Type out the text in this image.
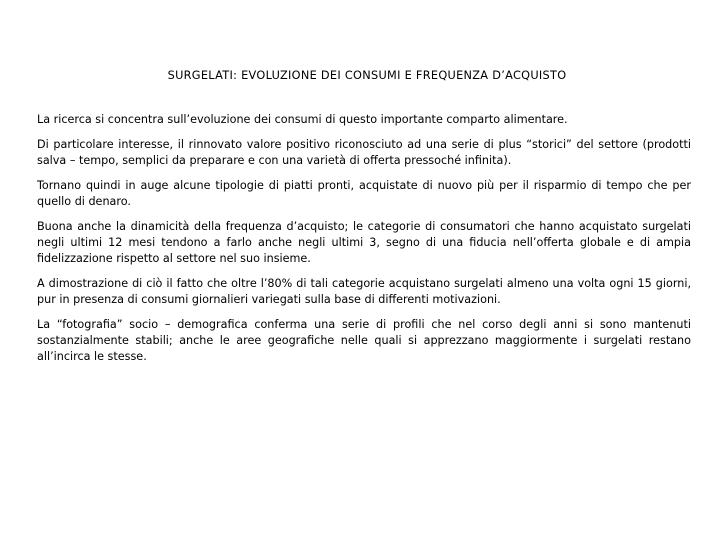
SURGELATI: EVOLUZIONE DEI CONSUMI E FREQUENZA D’ACQUISTO

La ricerca si concentra sull’evoluzione dei consumi di questo importante comparto alimentare.

Di particolare interesse, il rinnovato valore positivo riconosciuto ad una serie di plus “storici” del settore (prodotti salva – tempo, semplici da preparare e con una varietà di offerta pressoché infinita).

Tornano quindi in auge alcune tipologie di piatti pronti, acquistate di nuovo più per il risparmio di tempo che per quello di denaro.

Buona anche la dinamicità della frequenza d’acquisto; le categorie di consumatori che hanno acquistato surgelati negli ultimi 12 mesi tendono a farlo anche negli ultimi 3, segno di una fiducia nell’offerta globale e di ampia fidelizzazione rispetto al settore nel suo insieme.

A dimostrazione di ciò il fatto che oltre l’80% di tali categorie acquistano surgelati almeno una volta ogni 15 giorni, pur in presenza di consumi giornalieri variegati sulla base di differenti motivazioni.

La “fotografia” socio – demografica conferma una serie di profili che nel corso degli anni si sono mantenuti sostanzialmente stabili; anche le aree geografiche nelle quali si apprezzano maggiormente i surgelati restano all’incirca le stesse.
